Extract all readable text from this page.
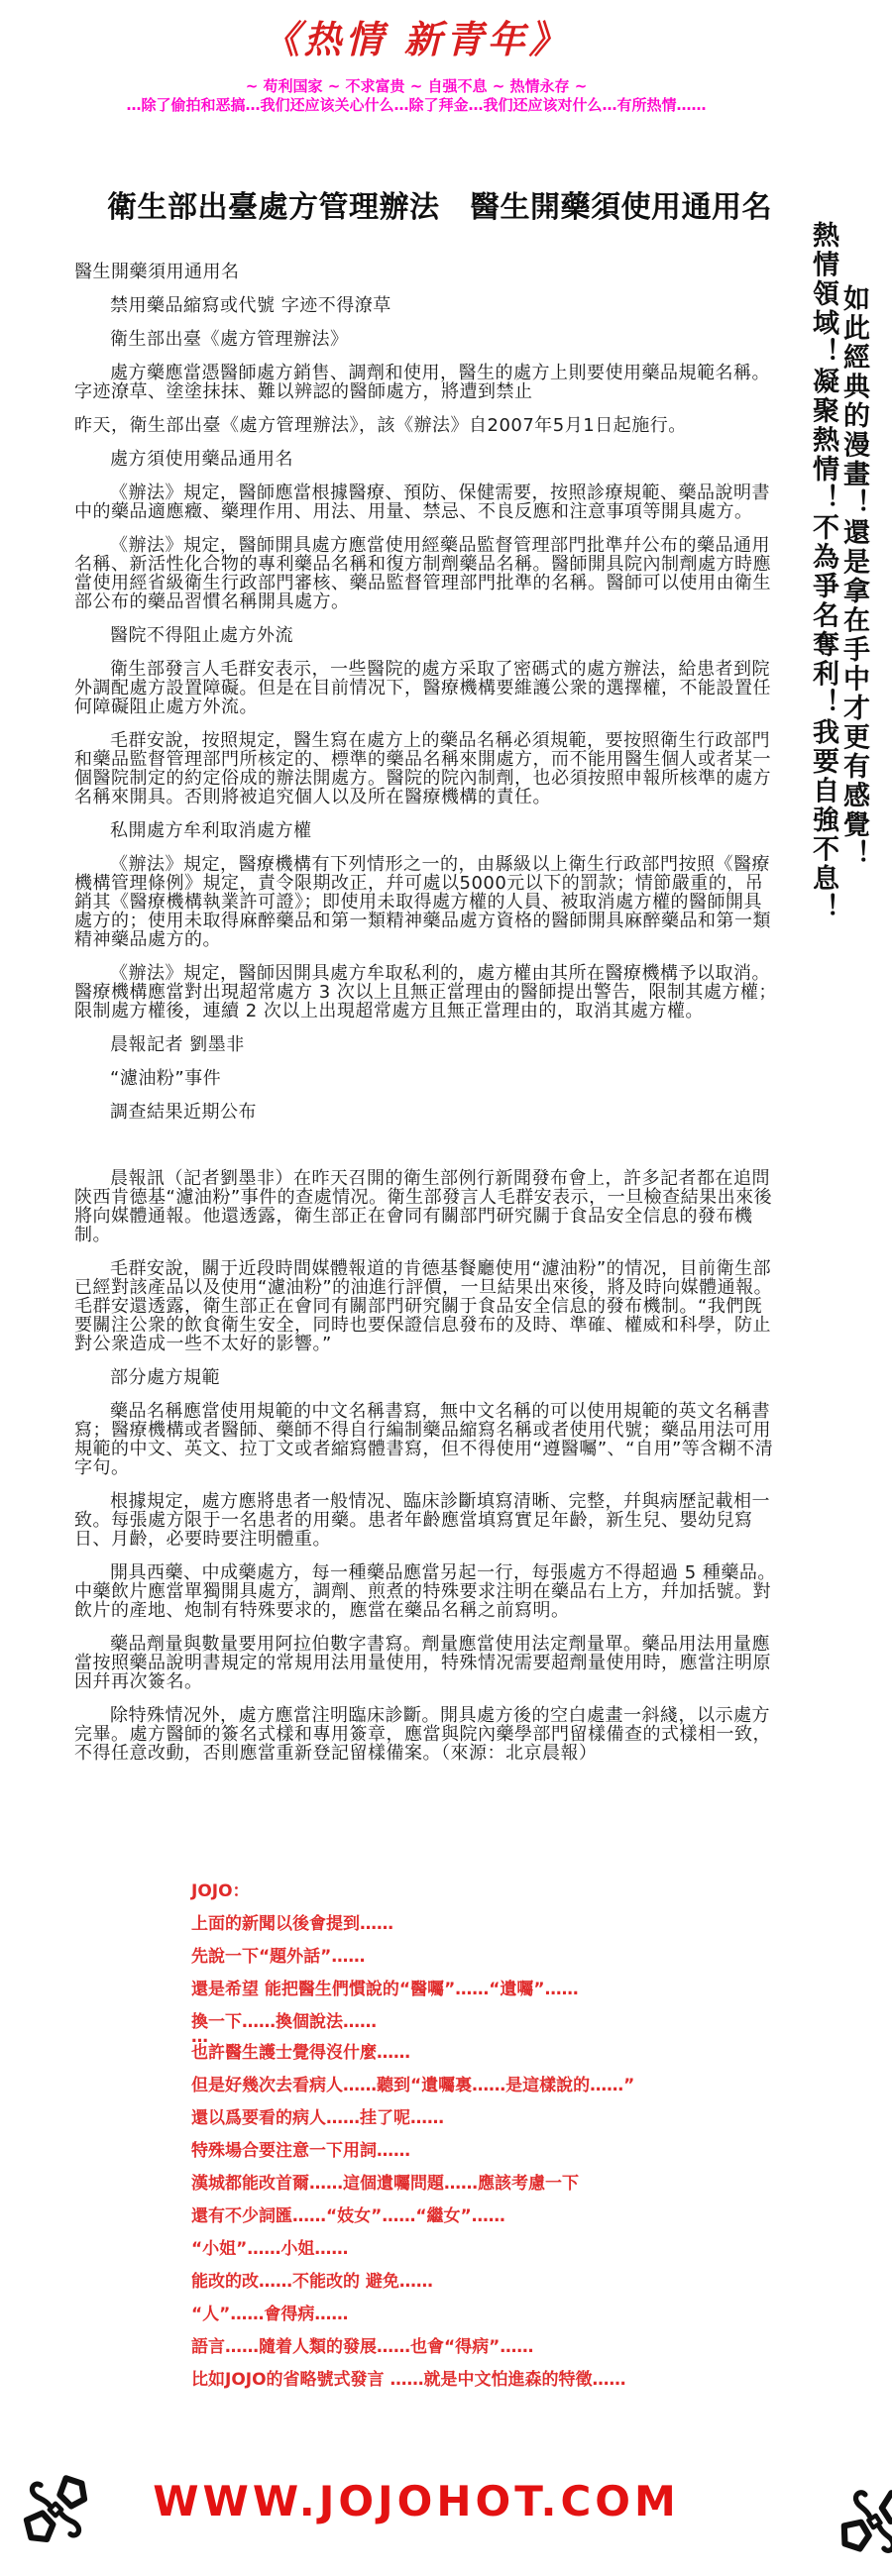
《热情 新青年》
~ 苟利国家 ~ 不求富贵 ~ 自强不息 ~ 热情永存 ~
…除了偷拍和恶搞…我们还应该关心什么…除了拜金…我们还应该对什么…有所热情……
衛生部出臺處方管理辦法　醫生開藥須使用通用名
熱情領域！凝聚熱情！不為爭名奪利！我要自強不息！ 如此經典的漫畫！還是拿在手中才更有感覺！

醫生開藥須用通用名

禁用藥品縮寫或代號 字迹不得潦草

衛生部出臺《處方管理辦法》

處方藥應當憑醫師處方銷售、調劑和使用，醫生的處方上則要使用藥品規範名稱。字迹潦草、塗塗抹抹、難以辨認的醫師處方，將遭到禁止

昨天，衛生部出臺《處方管理辦法》，該《辦法》自2007年5月1日起施行。

處方須使用藥品通用名

《辦法》規定，醫師應當根據醫療、預防、保健需要，按照診療規範、藥品說明書中的藥品適應癥、藥理作用、用法、用量、禁忌、不良反應和注意事項等開具處方。

《辦法》規定，醫師開具處方應當使用經藥品監督管理部門批準幷公布的藥品通用名稱、新活性化合物的專利藥品名稱和復方制劑藥品名稱。醫師開具院內制劑處方時應當使用經省級衛生行政部門審核、藥品監督管理部門批準的名稱。醫師可以使用由衛生部公布的藥品習慣名稱開具處方。

醫院不得阻止處方外流

衛生部發言人毛群安表示，一些醫院的處方采取了密碼式的處方辦法，給患者到院外調配處方設置障礙。但是在目前情况下，醫療機構要維護公衆的選擇權，不能設置任何障礙阻止處方外流。

毛群安說，按照規定，醫生寫在處方上的藥品名稱必須規範，要按照衛生行政部門和藥品監督管理部門所核定的、標準的藥品名稱來開處方，而不能用醫生個人或者某一個醫院制定的約定俗成的辦法開處方。醫院的院內制劑，也必須按照申報所核準的處方名稱來開具。否則將被追究個人以及所在醫療機構的責任。

私開處方牟利取消處方權

《辦法》規定，醫療機構有下列情形之一的，由縣級以上衛生行政部門按照《醫療機構管理條例》規定，責令限期改正，幷可處以5000元以下的罰款；情節嚴重的，吊銷其《醫療機構執業許可證》；即使用未取得處方權的人員、被取消處方權的醫師開具處方的；使用未取得麻醉藥品和第一類精神藥品處方資格的醫師開具麻醉藥品和第一類精神藥品處方的。

《辦法》規定，醫師因開具處方牟取私利的，處方權由其所在醫療機構予以取消。醫療機構應當對出現超常處方 3 次以上且無正當理由的醫師提出警告，限制其處方權；限制處方權後，連續 2 次以上出現超常處方且無正當理由的，取消其處方權。

晨報記者 劉墨非

“濾油粉”事件

調查結果近期公布

晨報訊（記者劉墨非）在昨天召開的衛生部例行新聞發布會上，許多記者都在追問陝西肯德基“濾油粉”事件的查處情况。衛生部發言人毛群安表示，一旦檢查結果出來後將向媒體通報。他還透露，衛生部正在會同有關部門研究關于食品安全信息的發布機制。

毛群安說，關于近段時間媒體報道的肯德基餐廳使用“濾油粉”的情况，目前衛生部已經對該產品以及使用“濾油粉”的油進行評價，一旦結果出來後，將及時向媒體通報。毛群安還透露，衛生部正在會同有關部門研究關于食品安全信息的發布機制。“我們旣要關注公衆的飲食衛生安全，同時也要保證信息發布的及時、準確、權威和科學，防止對公衆造成一些不太好的影響。”

部分處方規範

藥品名稱應當使用規範的中文名稱書寫，無中文名稱的可以使用規範的英文名稱書寫；醫療機構或者醫師、藥師不得自行編制藥品縮寫名稱或者使用代號；藥品用法可用規範的中文、英文、拉丁文或者縮寫體書寫，但不得使用“遵醫囑”、“自用”等含糊不清字句。

根據規定，處方應將患者一般情况、臨床診斷填寫清晰、完整，幷與病歷記載相一致。每張處方限于一名患者的用藥。患者年齡應當填寫實足年齡，新生兒、嬰幼兒寫日、月齡，必要時要注明體重。

開具西藥、中成藥處方，每一種藥品應當另起一行，每張處方不得超過 5 種藥品。中藥飲片應當單獨開具處方，調劑、煎煮的特殊要求注明在藥品右上方，幷加括號。對飲片的產地、炮制有特殊要求的，應當在藥品名稱之前寫明。

藥品劑量與數量要用阿拉伯數字書寫。劑量應當使用法定劑量單。藥品用法用量應當按照藥品說明書規定的常規用法用量使用，特殊情况需要超劑量使用時，應當注明原因幷再次簽名。

除特殊情况外，處方應當注明臨床診斷。開具處方後的空白處畫一斜綫，以示處方完畢。處方醫師的簽名式樣和專用簽章，應當與院內藥學部門留樣備查的式樣相一致，不得任意改動，否則應當重新登記留樣備案。（來源：北京晨報）

JOJO：

上面的新聞以後會提到……

先說一下“題外話”……

還是希望 能把醫生們慣說的“醫囑”……“遺囑”……

換一下……換個說法……

…

也許醫生護士覺得沒什麼……

但是好幾次去看病人……聽到“遺囑裏……是這樣說的……”

還以爲要看的病人……挂了呢……

特殊場合要注意一下用詞……

漢城都能改首爾……這個遺囑問題……應該考慮一下

還有不少詞匯……“妓女”……“繼女”……

“小姐”……小姐……

能改的改……不能改的 避免……

“人”……會得病……

語言……隨着人類的發展……也會“得病”……

比如JOJO的省略號式發言 ……就是中文怕進森的特徵……

WWW.JOJOHOT.COM
